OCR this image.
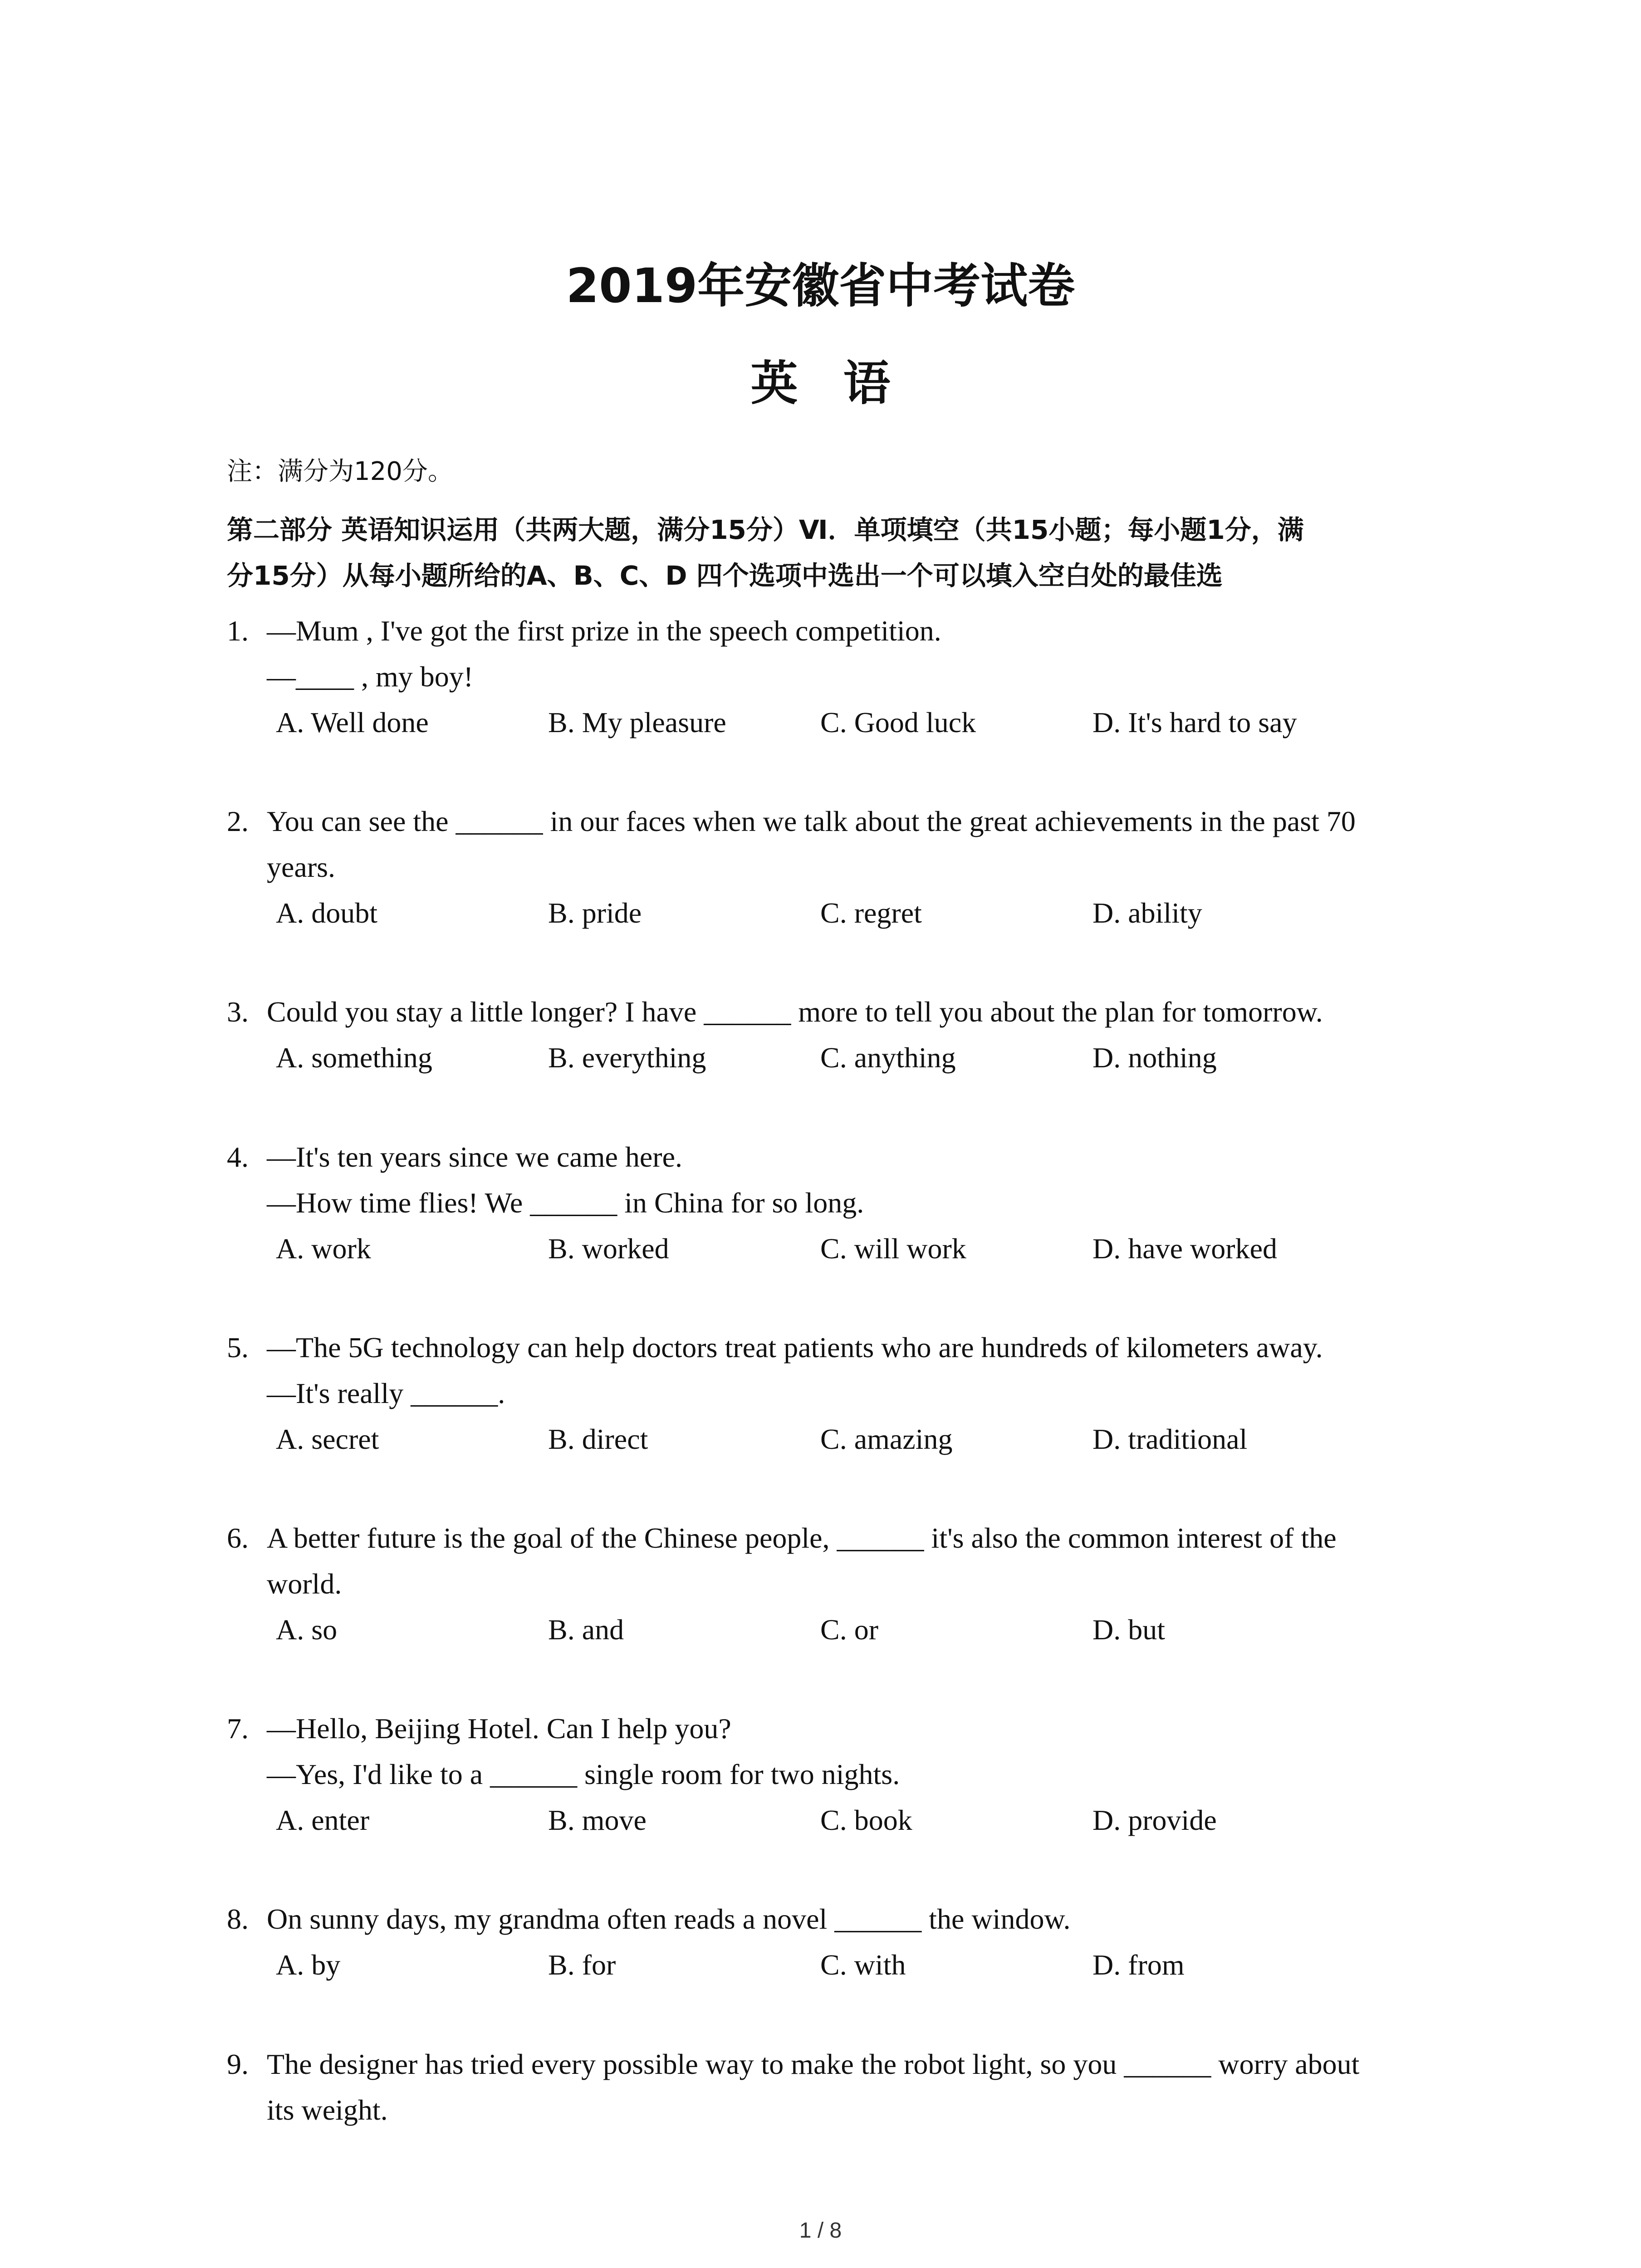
2019年安徽省中考试卷
英语
注：满分为120分。
第二部分 英语知识运用（共两大题，满分15分）Ⅵ．单项填空（共15小题；每小题1分，满
分15分）从每小题所给的A、B、C、D 四个选项中选出一个可以填入空白处的最佳选
1. —Mum , I've got the first prize in the speech competition.
—____ , my boy!
A. Well done	B. My pleasure	C. Good luck	D. It's hard to say
2. You can see the ______ in our faces when we talk about the great achievements in the past 70
years.
A. doubt	B. pride	C. regret	D. ability
3. Could you stay a little longer? I have ______ more to tell you about the plan for tomorrow.
A. something	B. everything	C. anything	D. nothing
4. —It's ten years since we came here.
—How time flies! We ______ in China for so long.
A. work	B. worked	C. will work	D. have worked
5. —The 5G technology can help doctors treat patients who are hundreds of kilometers away.
—It's really ______.
A. secret	B. direct	C. amazing	D. traditional
6. A better future is the goal of the Chinese people, ______ it's also the common interest of the
world.
A. so	B. and	C. or	D. but
7. —Hello, Beijing Hotel. Can I help you?
—Yes, I'd like to a ______ single room for two nights.
A. enter	B. move	C. book	D. provide
8. On sunny days, my grandma often reads a novel ______ the window.
A. by	B. for	C. with	D. from
9. The designer has tried every possible way to make the robot light, so you ______ worry about
its weight.
1 / 8
